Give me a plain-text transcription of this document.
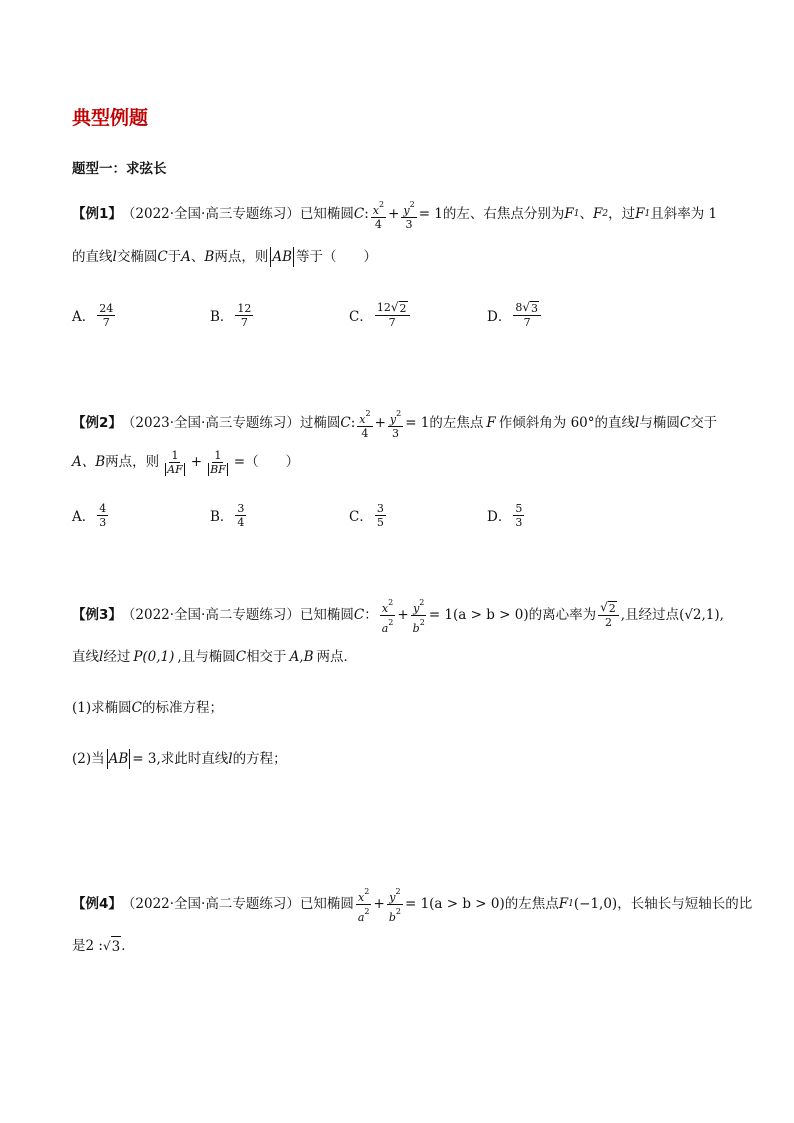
典型例题
题型一：求弦长
【例1】 （2022·全国·高三专题练习）已知椭圆 C : $\frac{x^2}{4} + \frac{y^2}{3} = 1$ 的左、右焦点分别为 F 1 、 F 2 ，过 F 1 且斜率为 1
的直线 l 交椭圆 C 于 A 、 B 两点，则 AB 等于（　　）
A． $\frac{24}{7}$	B． $\frac{12}{7}$	C． $\frac{12 √ 2}{7}$	D． $\frac{8 √ 3}{7}$
【例2】 （2023·全国·高三专题练习）过椭圆 C : $\frac{x^2}{4} + \frac{y^2}{3} = 1$ 的左焦点 F 作倾斜角为 60°的直线 l 与椭圆 C 交于
A、B 两点，则 $\frac{1}{AF} + \frac{1}{BF}$ =（　　）
A． $\frac{4}{3}$	B． $\frac{3}{4}$	C． $\frac{3}{5}$	D． $\frac{5}{3}$
【例3】 （2022·全国·高二专题练习）已知椭圆 C ： $\frac{x^2}{a^2} + \frac{y^2}{b^2} = 1(a > b > 0)$ 的离心率为 $\frac{√ 2}{2}$ ,且经过点 (√2,1) ,
直线 l 经过 P(0,1) ,且与椭圆 C 相交于 A,B 两点．
(1)求椭圆 C 的标准方程；
(2)当 AB = 3,求此时直线 l 的方程；
【例4】 （2022·全国·高二专题练习）已知椭圆 $\frac{x^2}{a^2} + \frac{y^2}{b^2} = 1(a > b > 0)$ 的左焦点 F 1 (−1,0) ，长轴长与短轴长的比
是 2 : √ 3 ．
